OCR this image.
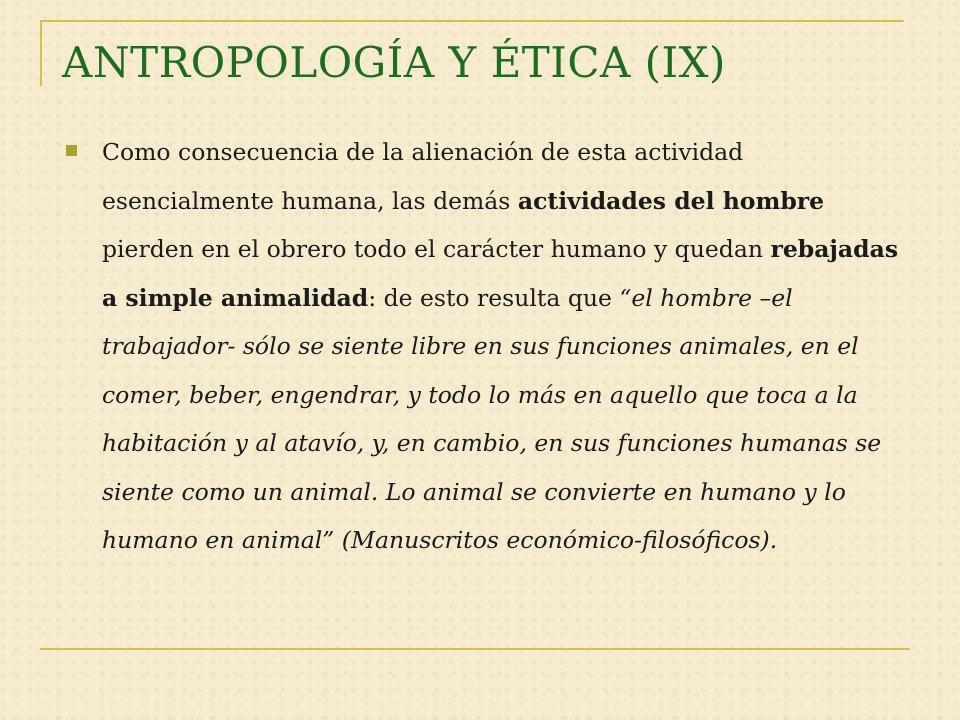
ANTROPOLOGÍA Y ÉTICA (IX)

Como consecuencia de la alienación de esta actividad esencialmente humana, las demás actividades del hombre pierden en el obrero todo el carácter humano y quedan rebajadas a simple animalidad: de esto resulta que “el hombre –el trabajador- sólo se siente libre en sus funciones animales, en el comer, beber, engendrar, y todo lo más en aquello que toca a la habitación y al atavío, y, en cambio, en sus funciones humanas se siente como un animal. Lo animal se convierte en humano y lo humano en animal” (Manuscritos económico-filosóficos).
